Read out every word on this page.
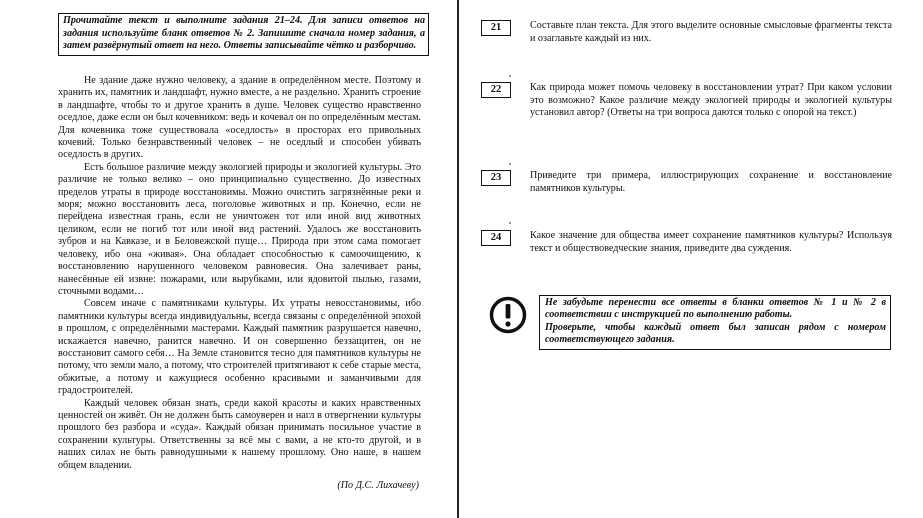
Прочитайте текст и выполните задания 21–24. Для записи ответов на задания используйте бланк ответов № 2. Запишите сначала номер задания, а затем развёрнутый ответ на него. Ответы записывайте чётко и разборчиво.

Не здание даже нужно человеку, а здание в определённом месте. Поэтому и хранить их, памятник и ландшафт, нужно вместе, а не раздельно. Хранить строение в ландшафте, чтобы то и другое хранить в душе. Человек существо нравственно оседлое, даже если он был кочевником: ведь и кочевал он по определённым местам. Для кочевника тоже существовала «оседлость» в просторах его привольных кочевий. Только безнравственный человек – не оседлый и способен убивать оседлость в других.

Есть большое различие между экологией природы и экологией культуры. Это различие не только велико – оно принципиально существенно. До известных пределов утраты в природе восстановимы. Можно очистить загрязнённые реки и моря; можно восстановить леса, поголовье животных и пр. Конечно, если не перейдена известная грань, если не уничтожен тот или иной вид животных целиком, если не погиб тот или иной вид растений. Удалось же восстановить зубров и на Кавказе, и в Беловежской пуще… Природа при этом сама помогает человеку, ибо она «живая». Она обладает способностью к самоочищению, к восстановлению нарушенного человеком равновесия. Она залечивает раны, нанесённые ей извне: пожарами, или вырубками, или ядовитой пылью, газами, сточными водами…

Совсем иначе с памятниками культуры. Их утраты невосстановимы, ибо памятники культуры всегда индивидуальны, всегда связаны с определённой эпохой в прошлом, с определёнными мастерами. Каждый памятник разрушается навечно, искажается навечно, ранится навечно. И он совершенно беззащитен, он не восстановит самого себя… На Земле становится тесно для памятников культуры не потому, что земли мало, а потому, что строителей притягивают к себе старые места, обжитые, а потому и кажущиеся особенно красивыми и заманчивыми для градостроителей.

Каждый человек обязан знать, среди какой красоты и каких нравственных ценностей он живёт. Он не должен быть самоуверен и нагл в отвергнении культуры прошлого без разбора и «суда». Каждый обязан принимать посильное участие в сохранении культуры. Ответственны за всё мы с вами, а не кто-то другой, и в наших силах не быть равнодушными к нашему прошлому. Оно наше, в нашем общем владении.

(По Д.С. Лихачеву)
21	Составьте план текста. Для этого выделите основные смысловые фрагменты текста и озаглавьте каждый из них.
22	Как природа может помочь человеку в восстановлении утрат? При каком условии это возможно? Какое различие между экологией природы и экологией культуры установил автор? (Ответы на три вопроса даются только с опорой на текст.)
23	Приведите три примера, иллюстрирующих сохранение и восстановление памятников культуры.
24	Какое значение для общества имеет сохранение памятников культуры? Используя текст и обществоведческие знания, приведите два суждения.
Не забудьте перенести все ответы в бланки ответов № 1 и № 2 в соответствии с инструкцией по выполнению работы.
Проверьте, чтобы каждый ответ был записан рядом с номером соответствующего задания.
